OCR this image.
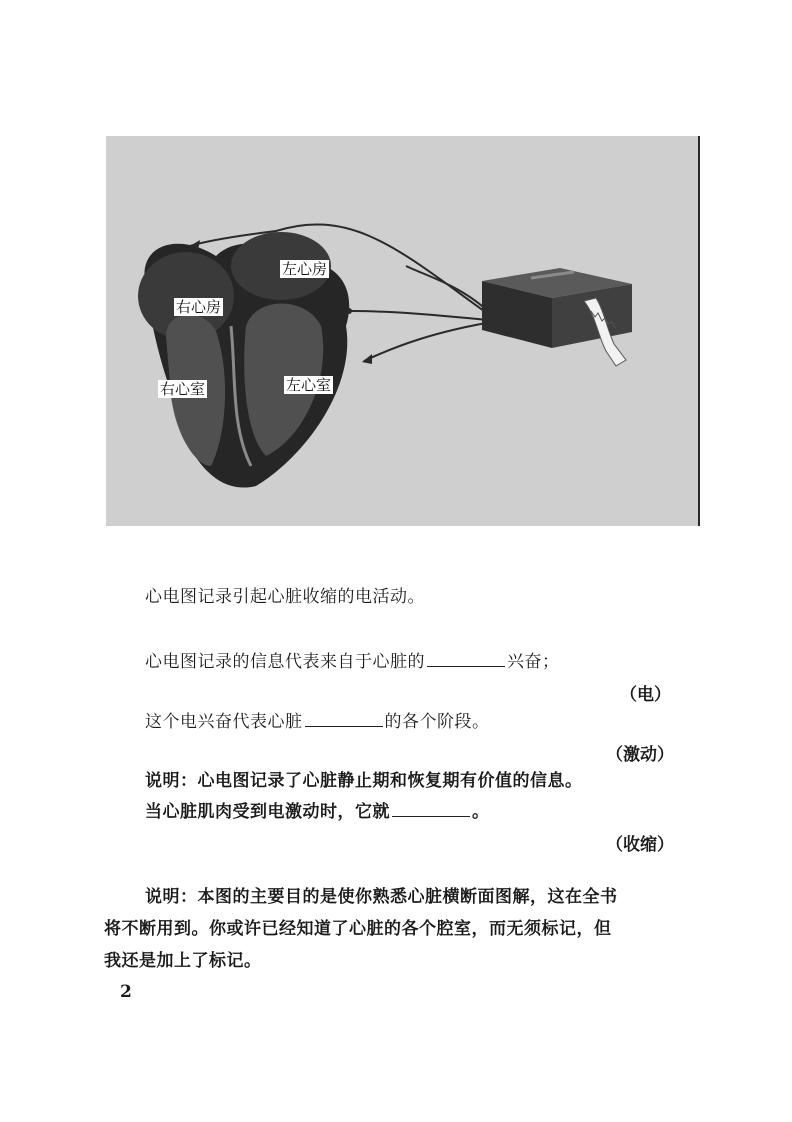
左心房
右心房
右心室	左心室
心电图记录引起心脏收缩的电活动。
心电图记录的信息代表来自于心脏的	兴奋；
（电）
这个电兴奋代表心脏	的各个阶段。
（激动）
说明：心电图记录了心脏静止期和恢复期有价值的信息。
当心脏肌肉受到电激动时，它就	。
（收缩）
说明：本图的主要目的是使你熟悉心脏横断面图解，这在全书
将不断用到。你或许已经知道了心脏的各个腔室，而无须标记，但
我还是加上了标记。
2
